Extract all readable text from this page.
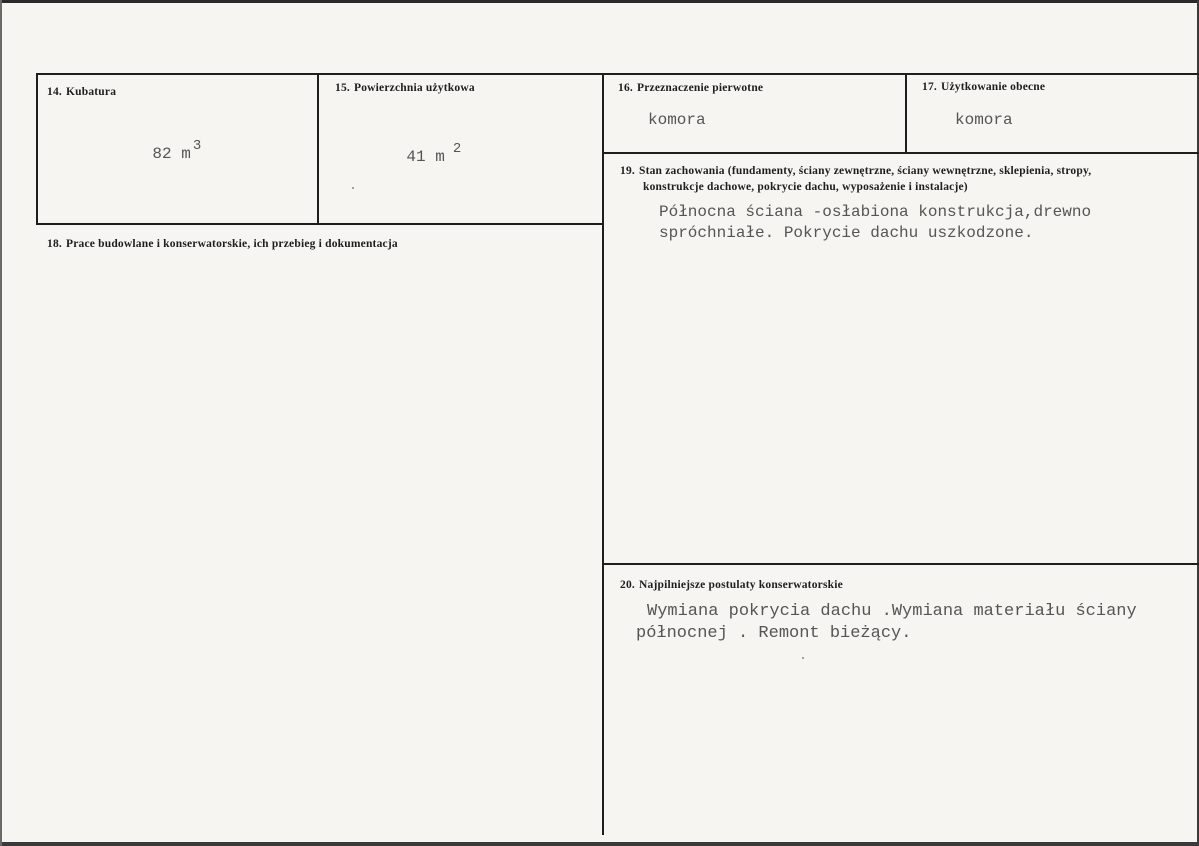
14. Kubatura

82 m 3

15. Powierzchnia użytkowa

41 m 2

16. Przeznaczenie pierwotne
komora
17. Użytkowanie obecne
komora
18. Prace budowlane i konserwatorskie, ich przebieg i dokumentacja
19. Stan zachowania (fundamenty, ściany zewnętrzne, ściany wewnętrzne, sklepienia, stropy,
konstrukcje dachowe, pokrycie dachu, wyposażenie i instalacje)
Północna ściana -osłabiona konstrukcja,drewno
spróchniałe. Pokrycie dachu uszkodzone.
20. Najpilniejsze postulaty konserwatorskie
Wymiana pokrycia dachu .Wymiana materiału ściany
północnej . Remont bieżący.
